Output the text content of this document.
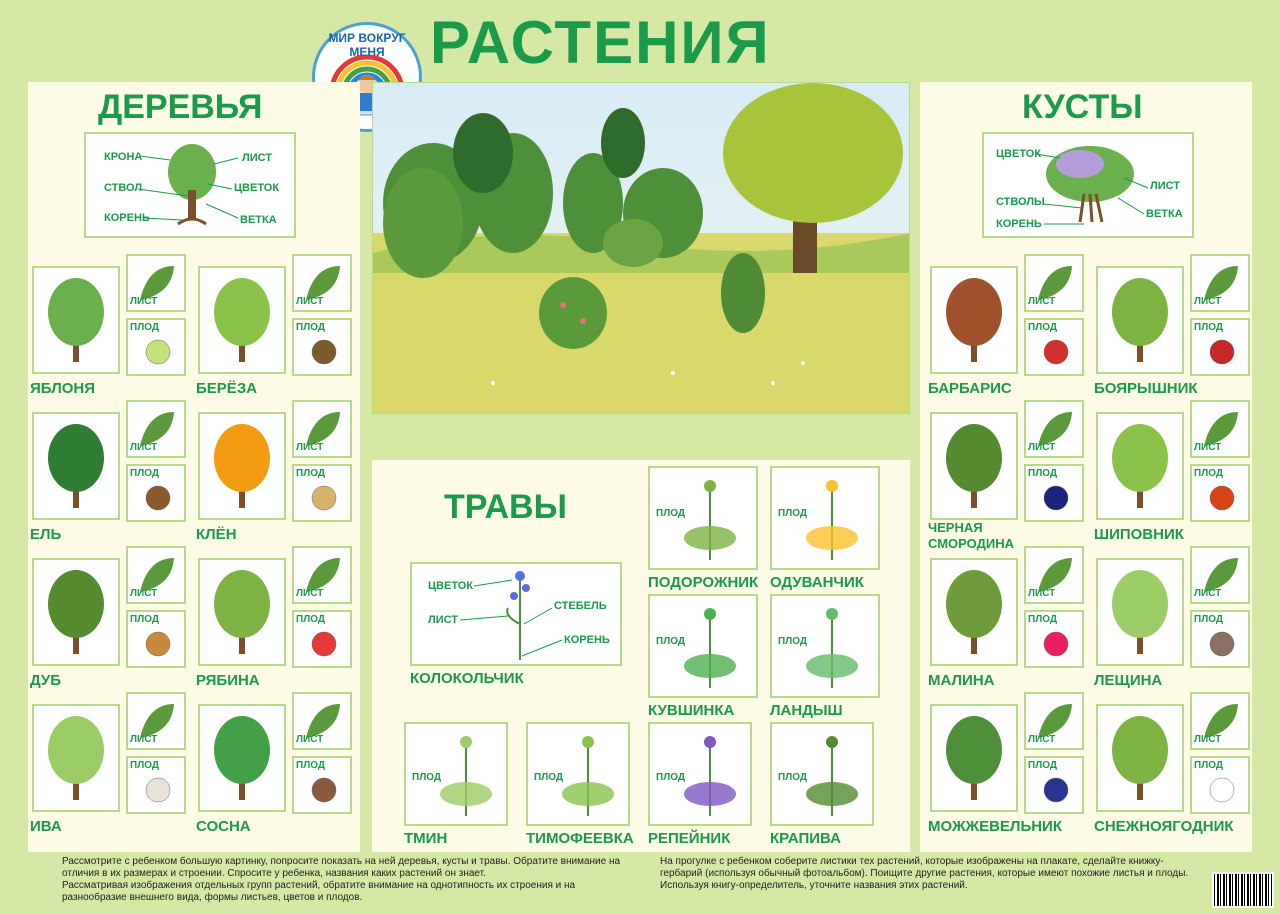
РАСТЕНИЯ
МИР ВОКРУГ МЕНЯ
ДЕРЕВЬЯ
КРОНА
СТВОЛ
КОРЕНЬ
ЛИСТ
ЦВЕТОК
ВЕТКА
ЛИСТ
ПЛОД
ЯБЛОНЯ
ЛИСТ
ПЛОД
БЕРЁЗА
ЛИСТ
ПЛОД
ЕЛЬ
ЛИСТ
ПЛОД
КЛЁН
ЛИСТ
ПЛОД
ДУБ
ЛИСТ
ПЛОД
РЯБИНА
ЛИСТ
ПЛОД
ИВА
ЛИСТ
ПЛОД
СОСНА
ТРАВЫ
ЦВЕТОК
ЛИСТ
СТЕБЕЛЬ
КОРЕНЬ
КОЛОКОЛЬЧИК
ПЛОД
ПОДОРОЖНИК
ПЛОД
ОДУВАНЧИК
ПЛОД
КУВШИНКА
ПЛОД
ЛАНДЫШ
ПЛОД
ТМИН
ПЛОД
ТИМОФЕЕВКА
ПЛОД
РЕПЕЙНИК
ПЛОД
КРАПИВА
КУСТЫ
ЦВЕТОК
СТВОЛЫ
КОРЕНЬ
ЛИСТ
ВЕТКА
ЛИСТ
ПЛОД
БАРБАРИС
ЛИСТ
ПЛОД
БОЯРЫШНИК
ЛИСТ
ПЛОД
ЧЕРНАЯ СМОРОДИНА
ЛИСТ
ПЛОД
ШИПОВНИК
ЛИСТ
ПЛОД
МАЛИНА
ЛИСТ
ПЛОД
ЛЕЩИНА
ЛИСТ
ПЛОД
МОЖЖЕВЕЛЬНИК
ЛИСТ
ПЛОД
СНЕЖНОЯГОДНИК
Рассмотрите с ребенком большую картинку, попросите показать на ней деревья, кусты и травы. Обратите внимание на отличия в их размерах и строении. Спросите у ребенка, названия каких растений он знает.
Рассматривая изображения отдельных групп растений, обратите внимание на однотипность их строения и на разнообразие внешнего вида, формы листьев, цветов и плодов.
На прогулке с ребенком соберите листики тех растений, которые изображены на плакате, сделайте книжку-гербарий (используя обычный фотоальбом). Поищите другие растения, которые имеют похожие листья и плоды. Используя книгу-определитель, уточните названия этих растений.
